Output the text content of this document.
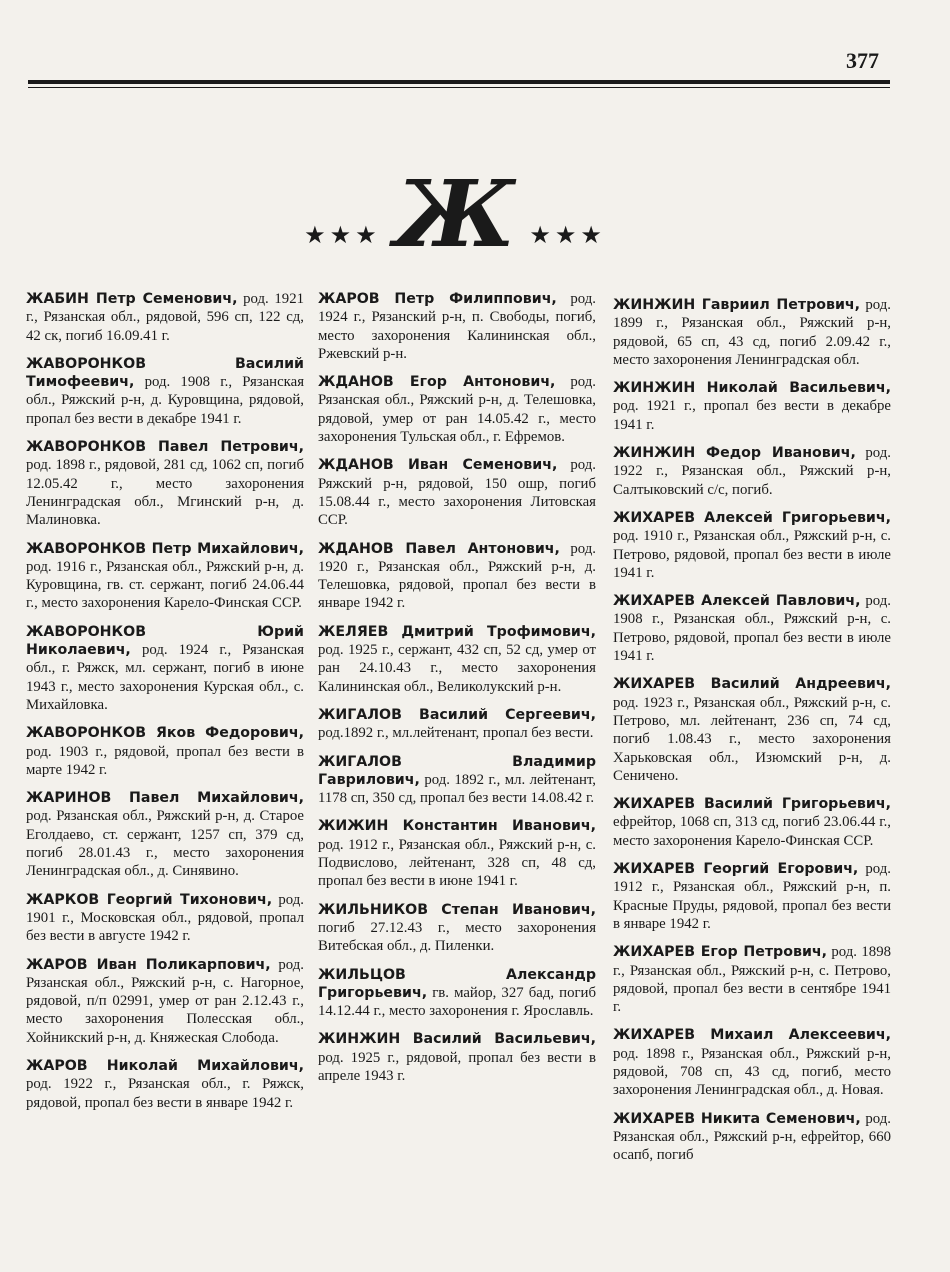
377
★★★ Ж ★★★

ЖАБИН Петр Семенович, род. 1921 г., Рязанская обл., рядовой, 596 сп, 122 сд, 42 ск, погиб 16.09.41 г.

ЖАВОРОНКОВ Василий Тимофеевич, род. 1908 г., Рязанская обл., Ряжский р-н, д. Куровщина, рядовой, пропал без вести в декабре 1941 г.

ЖАВОРОНКОВ Павел Петрович, род. 1898 г., рядовой, 281 сд, 1062 сп, погиб 12.05.42 г., место захоронения Ленинградская обл., Мгинский р-н, д. Малиновка.

ЖАВОРОНКОВ Петр Михайлович, род. 1916 г., Рязанская обл., Ряжский р-н, д. Куровщина, гв. ст. сержант, погиб 24.06.44 г., место захоронения Карело-Финская ССР.

ЖАВОРОНКОВ Юрий Николаевич, род. 1924 г., Рязанская обл., г. Ряжск, мл. сержант, погиб в июне 1943 г., место захоронения Курская обл., с. Михайловка.

ЖАВОРОНКОВ Яков Федорович, род. 1903 г., рядовой, пропал без вести в марте 1942 г.

ЖАРИНОВ Павел Михайлович, род. Рязанская обл., Ряжский р-н, д. Старое Еголдаево, ст. сержант, 1257 сп, 379 сд, погиб 28.01.43 г., место захоронения Ленинградская обл., д. Синявино.

ЖАРКОВ Георгий Тихонович, род. 1901 г., Московская обл., рядовой, пропал без вести в августе 1942 г.

ЖАРОВ Иван Поликарпович, род. Рязанская обл., Ряжский р-н, с. Нагорное, рядовой, п/п 02991, умер от ран 2.12.43 г., место захоронения Полесская обл., Хойникский р-н, д. Княжеская Слобода.

ЖАРОВ Николай Михайлович, род. 1922 г., Рязанская обл., г. Ряжск, рядовой, пропал без вести в январе 1942 г.

ЖАРОВ Петр Филиппович, род. 1924 г., Рязанский р-н, п. Свободы, погиб, место захоронения Калининская обл., Ржевский р-н.

ЖДАНОВ Егор Антонович, род. Рязанская обл., Ряжский р-н, д. Телешовка, рядовой, умер от ран 14.05.42 г., место захоронения Тульская обл., г. Ефремов.

ЖДАНОВ Иван Семенович, род. Ряжский р-н, рядовой, 150 ошр, погиб 15.08.44 г., место захоронения Литовская ССР.

ЖДАНОВ Павел Антонович, род. 1920 г., Рязанская обл., Ряжский р-н, д. Телешовка, рядовой, пропал без вести в январе 1942 г.

ЖЕЛЯЕВ Дмитрий Трофимович, род. 1925 г., сержант, 432 сп, 52 сд, умер от ран 24.10.43 г., место захоронения Калининская обл., Великолукский р-н.

ЖИГАЛОВ Василий Сергеевич, род.1892 г., мл.лейтенант, пропал без вести.

ЖИГАЛОВ Владимир Гаврилович, род. 1892 г., мл. лейтенант, 1178 сп, 350 сд, пропал без вести 14.08.42 г.

ЖИЖИН Константин Иванович, род. 1912 г., Рязанская обл., Ряжский р-н, с. Подвислово, лейтенант, 328 сп, 48 сд, пропал без вести в июне 1941 г.

ЖИЛЬНИКОВ Степан Иванович, погиб 27.12.43 г., место захоронения Витебская обл., д. Пиленки.

ЖИЛЬЦОВ Александр Григорьевич, гв. майор, 327 бад, погиб 14.12.44 г., место захоронения г. Ярославль.

ЖИНЖИН Василий Васильевич, род. 1925 г., рядовой, пропал без вести в апреле 1943 г.

ЖИНЖИН Гавриил Петрович, род. 1899 г., Рязанская обл., Ряжский р-н, рядовой, 65 сп, 43 сд, погиб 2.09.42 г., место захоронения Ленинградская обл.

ЖИНЖИН Николай Васильевич, род. 1921 г., пропал без вести в декабре 1941 г.

ЖИНЖИН Федор Иванович, род. 1922 г., Рязанская обл., Ряжский р-н, Салтыковский с/с, погиб.

ЖИХАРЕВ Алексей Григорьевич, род. 1910 г., Рязанская обл., Ряжский р-н, с. Петрово, рядовой, пропал без вести в июле 1941 г.

ЖИХАРЕВ Алексей Павлович, род. 1908 г., Рязанская обл., Ряжский р-н, с. Петрово, рядовой, пропал без вести в июле 1941 г.

ЖИХАРЕВ Василий Андреевич, род. 1923 г., Рязанская обл., Ряжский р-н, с. Петрово, мл. лейтенант, 236 сп, 74 сд, погиб 1.08.43 г., место захоронения Харьковская обл., Изюмский р-н, д. Сеничено.

ЖИХАРЕВ Василий Григорьевич, ефрейтор, 1068 сп, 313 сд, погиб 23.06.44 г., место захоронения Карело-Финская ССР.

ЖИХАРЕВ Георгий Егорович, род. 1912 г., Рязанская обл., Ряжский р-н, п. Красные Пруды, рядовой, пропал без вести в январе 1942 г.

ЖИХАРЕВ Егор Петрович, род. 1898 г., Рязанская обл., Ряжский р-н, с. Петрово, рядовой, пропал без вести в сентябре 1941 г.

ЖИХАРЕВ Михаил Алексеевич, род. 1898 г., Рязанская обл., Ряжский р-н, рядовой, 708 сп, 43 сд, погиб, место захоронения Ленинградская обл., д. Новая.

ЖИХАРЕВ Никита Семенович, род. Рязанская обл., Ряжский р-н, ефрейтор, 660 осапб, погиб
